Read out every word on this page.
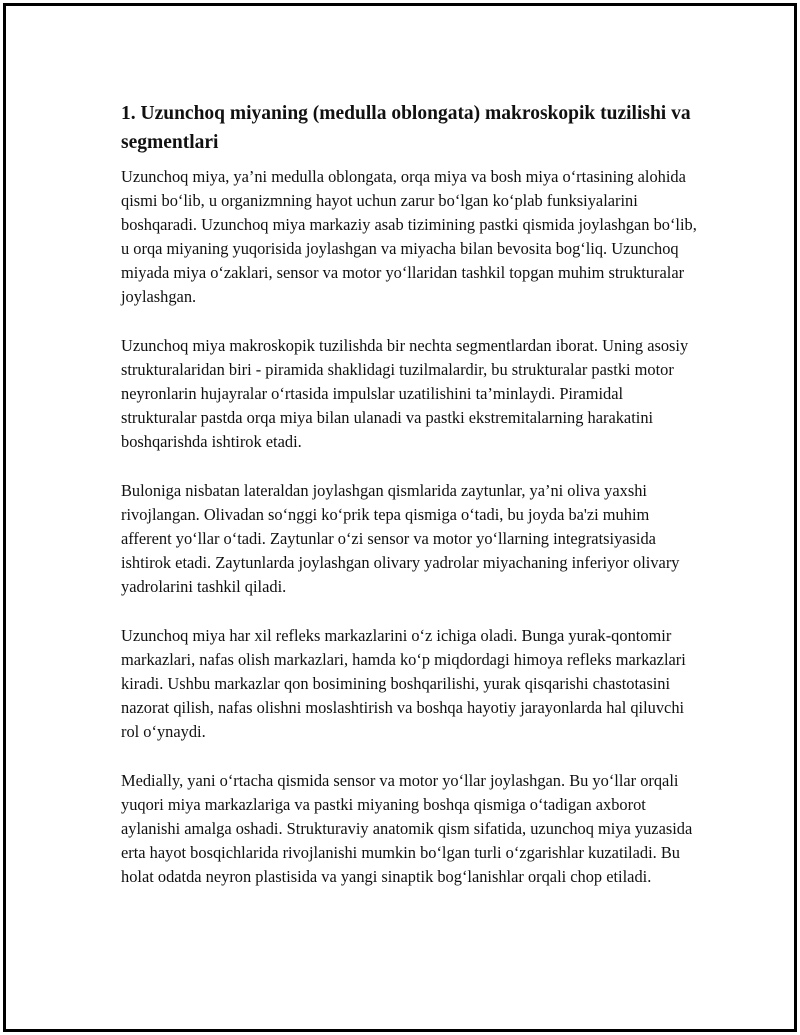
1. Uzunchoq miyaning (medulla oblongata) makroskopik tuzilishi va segmentlari

Uzunchoq miya, ya’ni medulla oblongata, orqa miya va bosh miya o‘rtasining alohida qismi bo‘lib, u organizmning hayot uchun zarur bo‘lgan ko‘plab funksiyalarini boshqaradi. Uzunchoq miya markaziy asab tizimining pastki qismida joylashgan bo‘lib, u orqa miyaning yuqorisida joylashgan va miyacha bilan bevosita bog‘liq. Uzunchoq miyada miya o‘zaklari, sensor va motor yo‘llaridan tashkil topgan muhim strukturalar joylashgan.

Uzunchoq miya makroskopik tuzilishda bir nechta segmentlardan iborat. Uning asosiy strukturalaridan biri - piramida shaklidagi tuzilmalardir, bu strukturalar pastki motor neyronlarin hujayralar o‘rtasida impulslar uzatilishini ta’minlaydi. Piramidal strukturalar pastda orqa miya bilan ulanadi va pastki ekstremitalarning harakatini boshqarishda ishtirok etadi.

Buloniga nisbatan lateraldan joylashgan qismlarida zaytunlar, ya’ni oliva yaxshi rivojlangan. Olivadan so‘nggi ko‘prik tepa qismiga o‘tadi, bu joyda ba'zi muhim afferent yo‘llar o‘tadi. Zaytunlar o‘zi sensor va motor yo‘llarning integratsiyasida ishtirok etadi. Zaytunlarda joylashgan olivary yadrolar miyachaning inferiyor olivary yadrolarini tashkil qiladi.

Uzunchoq miya har xil refleks markazlarini o‘z ichiga oladi. Bunga yurak-qontomir markazlari, nafas olish markazlari, hamda ko‘p miqdordagi himoya refleks markazlari kiradi. Ushbu markazlar qon bosimining boshqarilishi, yurak qisqarishi chastotasini nazorat qilish, nafas olishni moslashtirish va boshqa hayotiy jarayonlarda hal qiluvchi rol o‘ynaydi.

Medially, yani o‘rtacha qismida sensor va motor yo‘llar joylashgan. Bu yo‘llar orqali yuqori miya markazlariga va pastki miyaning boshqa qismiga o‘tadigan axborot aylanishi amalga oshadi. Strukturaviy anatomik qism sifatida, uzunchoq miya yuzasida erta hayot bosqichlarida rivojlanishi mumkin bo‘lgan turli o‘zgarishlar kuzatiladi. Bu holat odatda neyron plastisida va yangi sinaptik bog‘lanishlar orqali chop etiladi.
